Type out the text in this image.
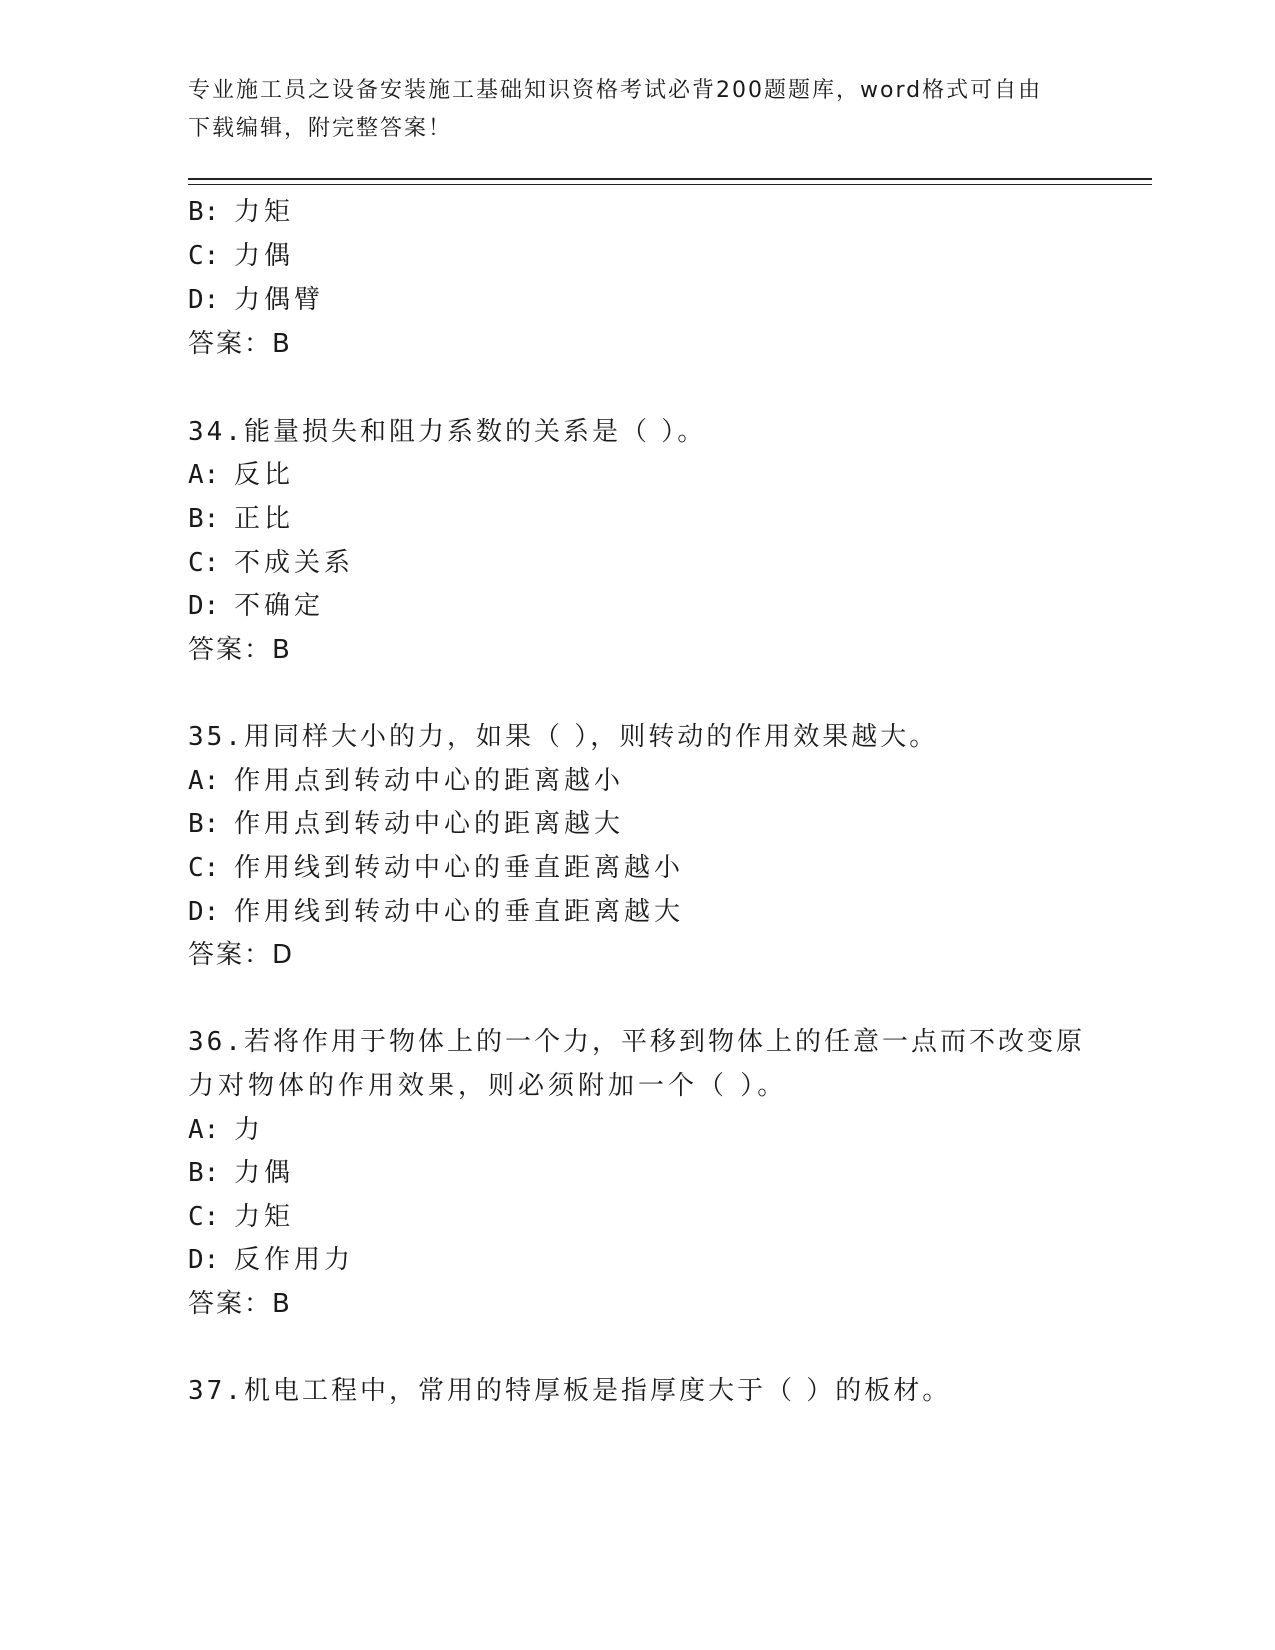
专业施工员之设备安装施工基础知识资格考试必背200题题库，word格式可自由
下载编辑，附完整答案！
B: 力矩
C: 力偶
D: 力偶臂
答案：B
34.能量损失和阻力系数的关系是（ ）。
A: 反比
B: 正比
C: 不成关系
D: 不确定
答案：B
35.用同样大小的力，如果（ ），则转动的作用效果越大。
A: 作用点到转动中心的距离越小
B: 作用点到转动中心的距离越大
C: 作用线到转动中心的垂直距离越小
D: 作用线到转动中心的垂直距离越大
答案：D
36.若将作用于物体上的一个力，平移到物体上的任意一点而不改变原
力对物体的作用效果，则必须附加一个（ ）。
A: 力
B: 力偶
C: 力矩
D: 反作用力
答案：B
37.机电工程中，常用的特厚板是指厚度大于（ ）的板材。
